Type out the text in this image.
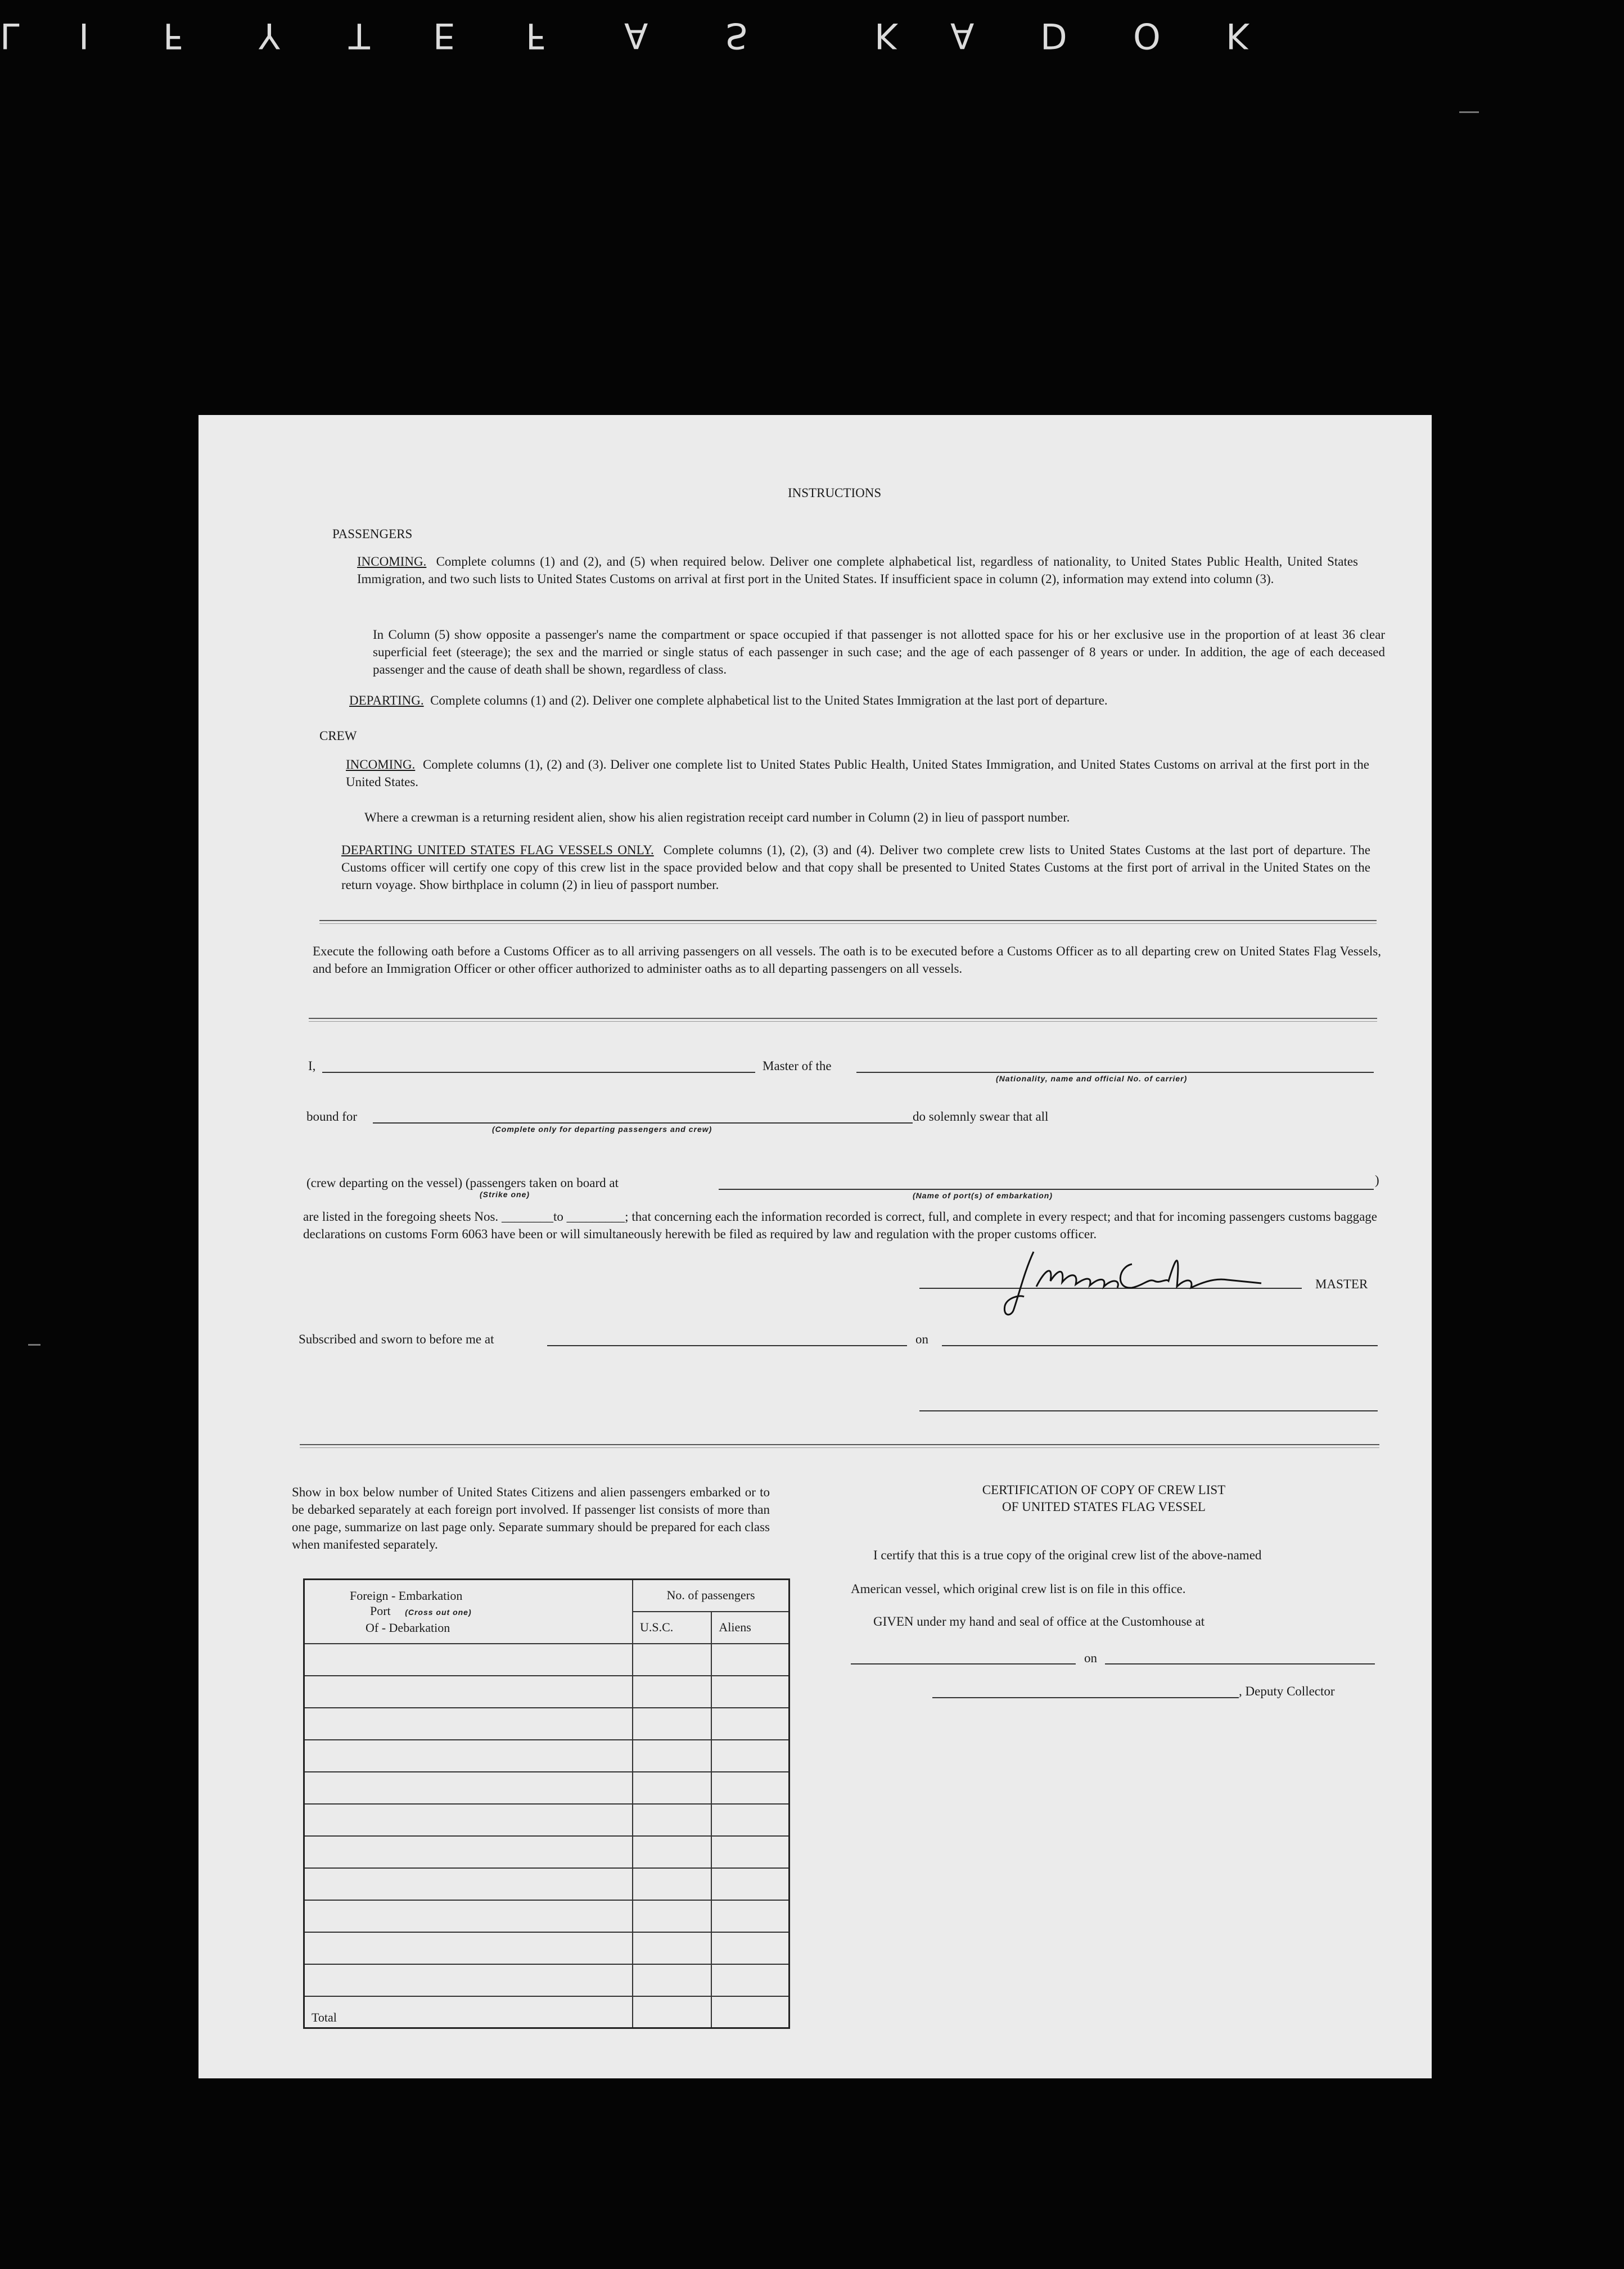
K
O
D
A
K
S
A
F
E
T
Y
F
I
L
INSTRUCTIONS
PASSENGERS
INCOMING. Complete columns (1) and (2), and (5) when required below. Deliver one complete alphabetical list, regardless of nationality, to United States Public Health, United States Immigration, and two such lists to United States Customs on arrival at first port in the United States. If insufficient space in column (2), information may extend into column (3).
In Column (5) show opposite a passenger's name the compartment or space occupied if that passenger is not allotted space for his or her exclusive use in the proportion of at least 36 clear superficial feet (steerage); the sex and the married or single status of each passenger in such case; and the age of each passenger of 8 years or under. In addition, the age of each deceased passenger and the cause of death shall be shown, regardless of class.
DEPARTING. Complete columns (1) and (2). Deliver one complete alphabetical list to the United States Immigration at the last port of departure.
CREW
INCOMING. Complete columns (1), (2) and (3). Deliver one complete list to United States Public Health, United States Immigration, and United States Customs on arrival at the first port in the United States.
Where a crewman is a returning resident alien, show his alien registration receipt card number in Column (2) in lieu of passport number.
DEPARTING UNITED STATES FLAG VESSELS ONLY. Complete columns (1), (2), (3) and (4). Deliver two complete crew lists to United States Customs at the last port of departure. The Customs officer will certify one copy of this crew list in the space provided below and that copy shall be presented to United States Customs at the first port of arrival in the United States on the return voyage. Show birthplace in column (2) in lieu of passport number.
Execute the following oath before a Customs Officer as to all arriving passengers on all vessels. The oath is to be executed before a Customs Officer as to all departing crew on United States Flag Vessels, and before an Immigration Officer or other officer authorized to administer oaths as to all departing passengers on all vessels.
I,	Master of the
(Nationality, name and official No. of carrier)
bound for
(Complete only for departing passengers and crew)
do solemnly swear that all
(crew departing on the vessel) (passengers taken on board at	)
(Strike one)	(Name of port(s) of embarkation)
are listed in the foregoing sheets Nos. ________to _________; that concerning each the information recorded is correct, full, and complete in every respect; and that for incoming passengers customs baggage declarations on customs Form 6063 have been or will simultaneously herewith be filed as required by law and regulation with the proper customs officer.
MASTER
Subscribed and sworn to before me at	on
Show in box below number of United States Citizens and alien passengers embarked or to be debarked separately at each foreign port involved. If passenger list consists of more than one page, summarize on last page only. Separate summary should be prepared for each class when manifested separately.
Foreign - Embarkation
Port (Cross out one)
Of - Debarkation	No. of passengers	
	U.S.C.	Aliens

Total		
CERTIFICATION OF COPY OF CREW LIST
OF UNITED STATES FLAG VESSEL
I certify that this is a true copy of the original crew list of the above-named
American vessel, which original crew list is on file in this office.
GIVEN under my hand and seal of office at the Customhouse at
on
, Deputy Collector
